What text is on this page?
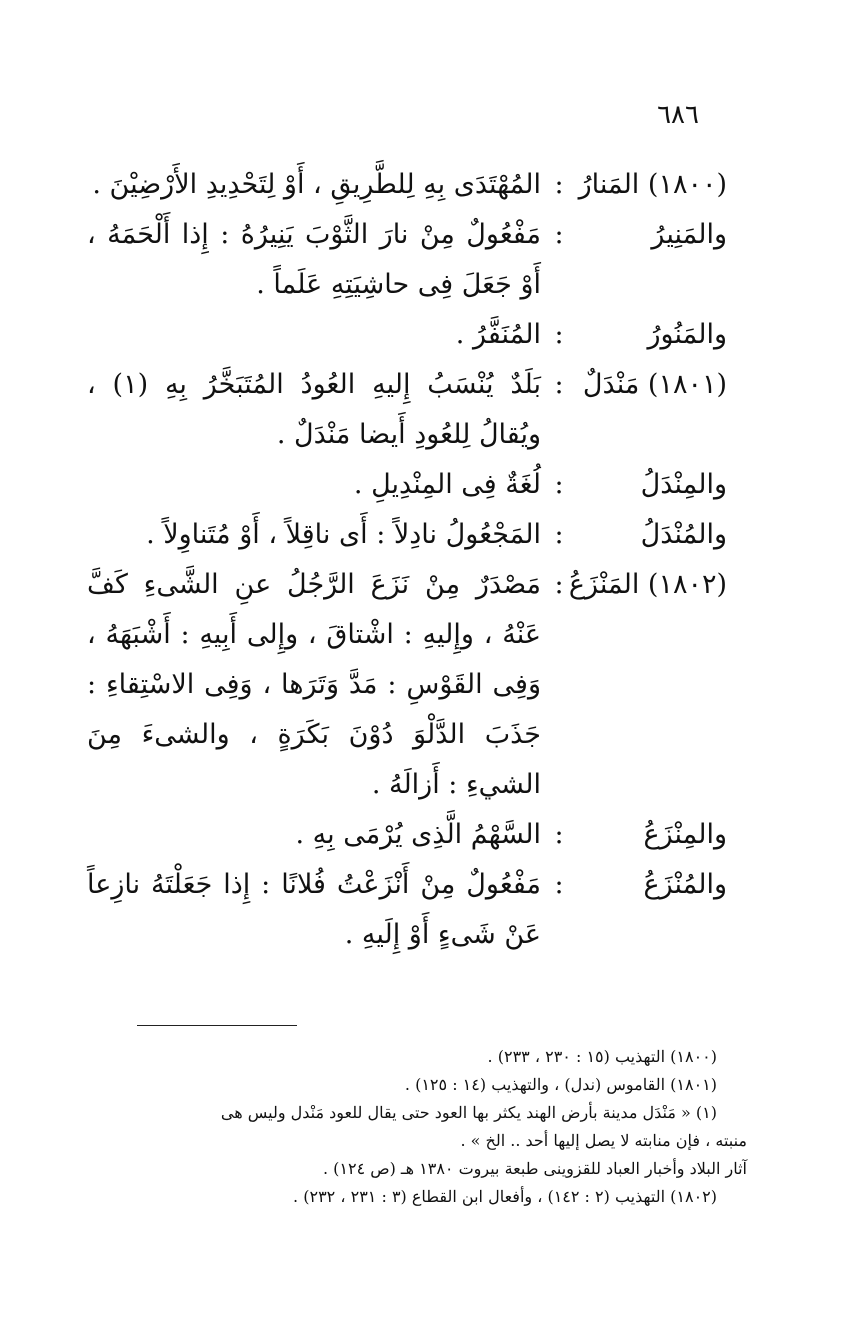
٦٨٦
(١٨٠٠) المَنارُ
:
المُهْتَدَى بِهِ لِلطَّرِيقِ ، أَوْ لِتَحْدِيدِ الأَرْضِيْنَ .
والمَنِيرُ
:
مَفْعُولٌ مِنْ نارَ الثَّوْبَ يَنِيرُهُ : إِذا أَلْحَمَهُ ، أَوْ جَعَلَ فِى حاشِيَتِهِ عَلَماً .
والمَنُورُ
:
المُنَفَّرُ .
(١٨٠١) مَنْدَلٌ
:
بَلَدٌ يُنْسَبُ إِليهِ العُودُ المُتَبَخَّرُ بِهِ (١) ، ويُقالُ لِلعُودِ أَيضا مَنْدَلٌ .
والمِنْدَلُ
:
لُغَةٌ فِى المِنْدِيلِ .
والمُنْدَلُ
:
المَجْعُولُ نادِلاً : أَى ناقِلاً ، أَوْ مُتَناوِلاً .
(١٨٠٢) المَنْزَعُ
:
مَصْدَرٌ مِنْ نَزَعَ الرَّجُلُ عنِ الشَّىءِ كَفَّ عَنْهُ ، وإِليهِ : اشْتاقَ ، وإِلى أَبِيهِ : أَشْبَهَهُ ، وَفِى القَوْسِ : مَدَّ وَتَرَها ، وَفِى الاسْتِقاءِ : جَذَبَ الدَّلْوَ دُوْنَ بَكَرَةٍ ، والشىءَ مِنَ الشيءِ : أَزالَهُ .
والمِنْزَعُ
:
السَّهْمُ الَّذِى يُرْمَى بِهِ .
والمُنْزَعُ
:
مَفْعُولٌ مِنْ أَنْزَعْتُ فُلانًا : إِذا جَعَلْتَهُ نازِعاً عَنْ شَىءٍ أَوْ إِلَيهِ .
(١٨٠٠) التهذيب (١٥ : ٢٣٠ ، ٢٣٣) .
(١٨٠١) القاموس (ندل) ، والتهذيب (١٤ : ١٢٥) .
(١) « مَنْدَل مدينة بأرض الهند يكثر بها العود حتى يقال للعود مَنْدل وليس هى
منبته ، فإن منابته لا يصل إليها أحد .. الخ » .
آثار البلاد وأخبار العباد للقزوينى طبعة بيروت ١٣٨٠ هـ (ص ١٢٤) .
(١٨٠٢) التهذيب (٢ : ١٤٢) ، وأفعال ابن القطاع (٣ : ٢٣١ ، ٢٣٢) .
